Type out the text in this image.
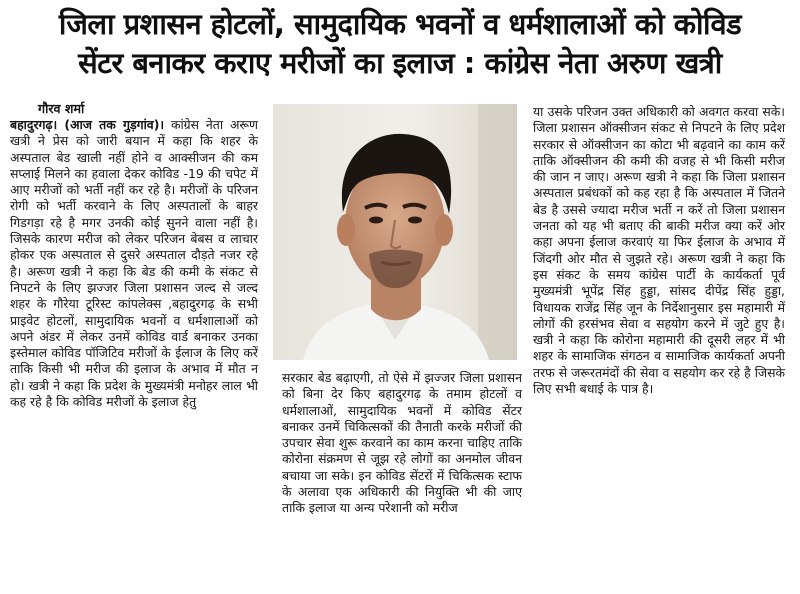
जिला प्रशासन होटलों, सामुदायिक भवनों व धर्मशालाओं को कोविड
सेंटर बनाकर कराए मरीजों का इलाज : कांग्रेस नेता अरुण खत्री

गौरव शर्मा

बहादुरगढ़। (आज तक गुड़गांव)। कांग्रेस नेता अरूण खत्री ने प्रेस को जारी बयान में कहा कि शहर के अस्पताल बेड खाली नहीं होने व आक्सीजन की कम सप्लाई मिलने का हवाला देकर कोविड -19 की चपेट में आए मरीजों को भर्ती नहीं कर रहे है। मरीजों के परिजन रोगी को भर्ती करवाने के लिए अस्पतालों के बाहर गिडगड़ा रहे है मगर उनकी कोई सुनने वाला नहीं है। जिसके कारण मरीज को लेकर परिजन बेबस व लाचार होकर एक अस्पताल से दुसरे अस्पताल दौड़ते नजर रहे है। अरूण खत्री ने कहा कि बेड की कमी के संकट से निपटने के लिए झज्जर जिला प्रशासन जल्द से जल्द शहर के गौरेया टूरिस्ट कांपलेक्स ,बहादुरगढ़ के सभी प्राइवेट होटलों, सामुदायिक भवनों व धर्मशालाओं को अपने अंडर में लेकर उनमें कोविड वार्ड बनाकर उनका इस्तेमाल कोविड पॉजिटिव मरीजों के ईलाज के लिए करें ताकि किसी भी मरीज की इलाज के अभाव में मौत न हो। खत्री ने कहा कि प्रदेश के मुख्यमंत्री मनोहर लाल भी कह रहे है कि कोविड मरीजों के इलाज हेतु

सरकार बेड बढ़ाएगी, तो ऐसे में झज्जर जिला प्रशासन को बिना देर किए बहादुरगढ़ के तमाम होटलों व धर्मशालाओं, सामुदायिक भवनों में कोविड सेंटर बनाकर उनमें चिकित्सकों की तैनाती करके मरीजों की उपचार सेवा शुरू करवाने का काम करना चाहिए ताकि कोरोना संक्रमण से जूझ रहे लोगों का अनमोल जीवन बचाया जा सके। इन कोविड सेंटरों में चिकित्सक स्टाफ के अलावा एक अधिकारी की नियुक्ति भी की जाए ताकि इलाज या अन्य परेशानी को मरीज

या उसके परिजन उक्त अधिकारी को अवगत करवा सके। जिला प्रशासन ऑक्सीजन संकट से निपटने के लिए प्रदेश सरकार से ऑक्सीजन का कोटा भी बढ़वाने का काम करें ताकि ऑक्सीजन की कमी की वजह से भी किसी मरीज की जान न जाए। अरूण खत्री ने कहा कि जिला प्रशासन अस्पताल प्रबंधकों को कह रहा है कि अस्पताल में जितने बेड है उससे ज्यादा मरीज भर्ती न करें तो जिला प्रशासन जनता को यह भी बताए की बाकी मरीज क्या करें ओर कहा अपना ईलाज करवाएं या फिर ईलाज के अभाव में जिंदगी ओर मौत से जुझते रहे। अरूण खत्री ने कहा कि इस संकट के समय कांग्रेस पार्टी के कार्यकर्ता पूर्व मुख्यमंत्री भूपेंद्र सिंह हुड्डा, सांसद दीपेंद्र सिंह हुड्डा, विधायक राजेंद्र सिंह जून के निर्देशानुसार इस महामारी में लोगों की हरसंभव सेवा व सहयोग करने में जुटे हुए है। खत्री ने कहा कि कोरोना महामारी की दूसरी लहर में भी शहर के सामाजिक संगठन व सामाजिक कार्यकर्ता अपनी तरफ से जरूरतमंदों की सेवा व सहयोग कर रहे है जिसके लिए सभी बधाई के पात्र है।
